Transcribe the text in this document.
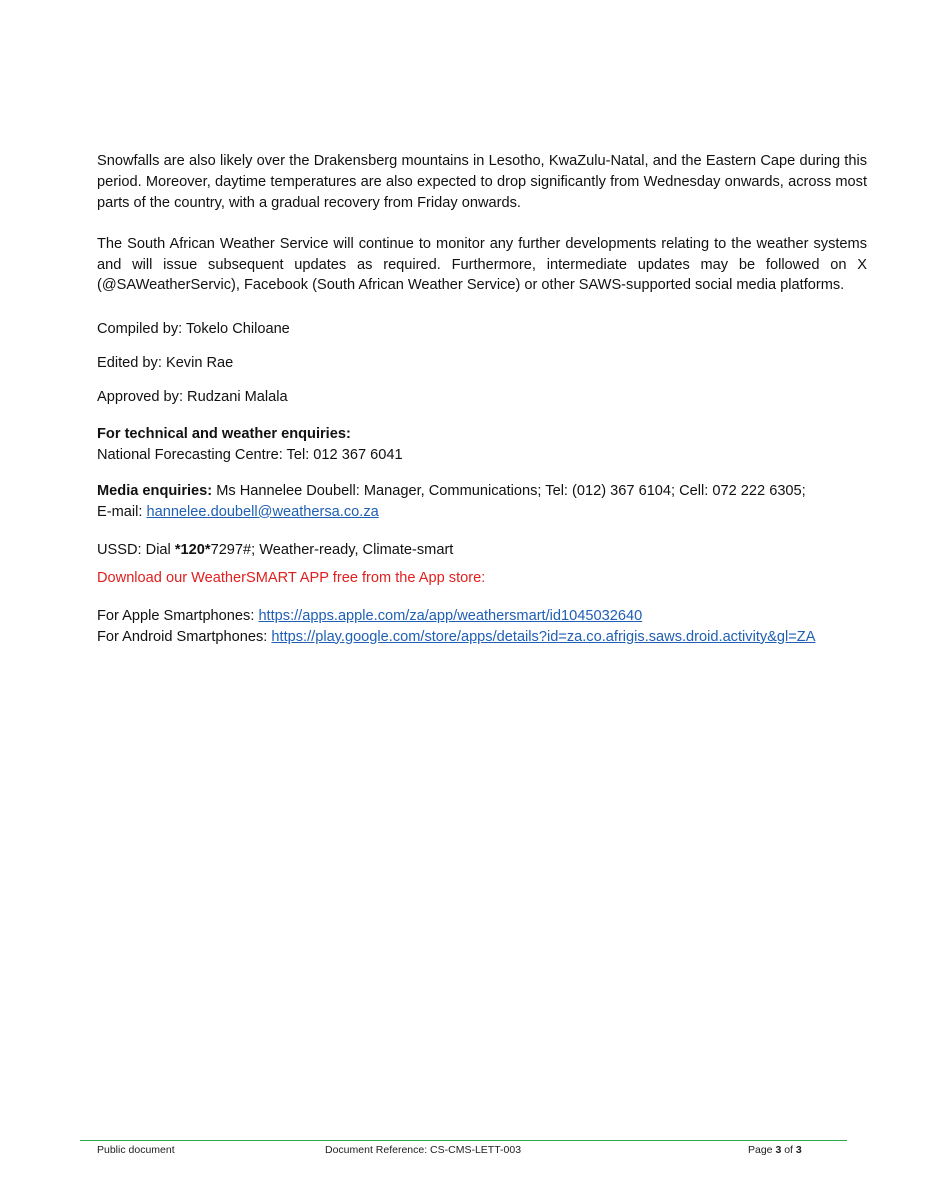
Snowfalls are also likely over the Drakensberg mountains in Lesotho, KwaZulu-Natal, and the Eastern Cape during this period. Moreover, daytime temperatures are also expected to drop significantly from Wednesday onwards, across most parts of the country, with a gradual recovery from Friday onwards.

The South African Weather Service will continue to monitor any further developments relating to the weather systems and will issue subsequent updates as required. Furthermore, intermediate updates may be followed on X (@SAWeatherServic), Facebook (South African Weather Service) or other SAWS-supported social media platforms.

Compiled by: Tokelo Chiloane

Edited by: Kevin Rae

Approved by: Rudzani Malala

For technical and weather enquiries:

National Forecasting Centre: Tel: 012 367 6041

Media enquiries: Ms Hannelee Doubell: Manager, Communications; Tel: (012) 367 6104; Cell: 072 222 6305;

E-mail: hannelee.doubell@weathersa.co.za

USSD: Dial *120*7297#; Weather-ready, Climate-smart

Download our WeatherSMART APP free from the App store:

For Apple Smartphones: https://apps.apple.com/za/app/weathersmart/id1045032640

For Android Smartphones: https://play.google.com/store/apps/details?id=za.co.afrigis.saws.droid.activity&gl=ZA

Public document	Document Reference: CS-CMS-LETT-003	Page 3 of 3
